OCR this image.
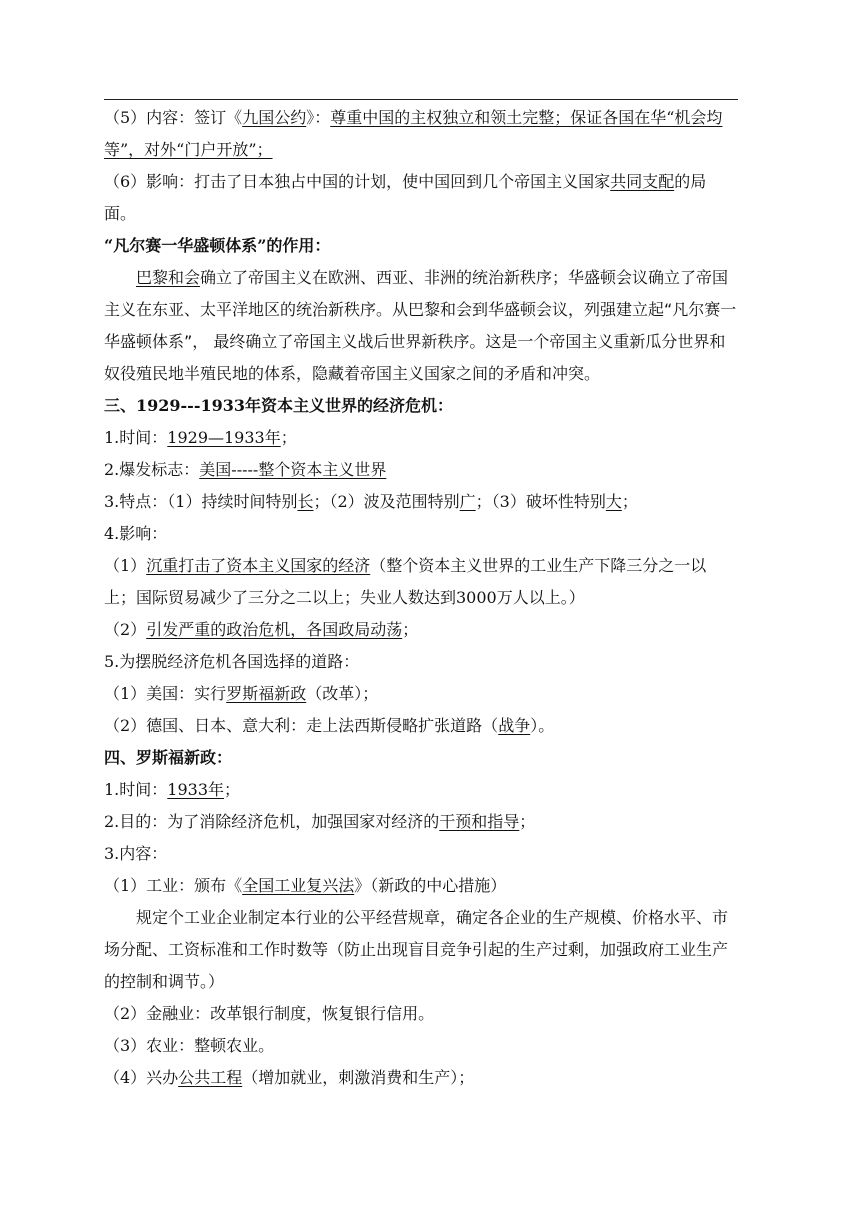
（5）内容：签订《九国公约》：尊重中国的主权独立和领土完整；保证各国在华“机会均等”，对外“门户开放”；

（6）影响：打击了日本独占中国的计划，使中国回到几个帝国主义国家共同支配的局面。

“凡尔赛一华盛顿体系”的作用：

巴黎和会确立了帝国主义在欧洲、西亚、非洲的统治新秩序；华盛顿会议确立了帝国主义在东亚、太平洋地区的统治新秩序。从巴黎和会到华盛顿会议，列强建立起“凡尔赛一华盛顿体系”， 最终确立了帝国主义战后世界新秩序。这是一个帝国主义重新瓜分世界和奴役殖民地半殖民地的体系，隐藏着帝国主义国家之间的矛盾和冲突。

三、1929---1933年资本主义世界的经济危机：

1.时间：1929—1933年；

2.爆发标志：美国-----整个资本主义世界

3.特点：（1）持续时间特别长；（2）波及范围特别广；（3）破坏性特别大；

4.影响：

（1）沉重打击了资本主义国家的经济（整个资本主义世界的工业生产下降三分之一以上；国际贸易减少了三分之二以上；失业人数达到3000万人以上。）

（2）引发严重的政治危机，各国政局动荡；

5.为摆脱经济危机各国选择的道路：

（1）美国：实行罗斯福新政（改革）；

（2）德国、日本、意大利：走上法西斯侵略扩张道路（战争）。

四、罗斯福新政：

1.时间：1933年；

2.目的：为了消除经济危机，加强国家对经济的干预和指导；

3.内容：

（1）工业：颁布《全国工业复兴法》（新政的中心措施）

规定个工业企业制定本行业的公平经营规章，确定各企业的生产规模、价格水平、市场分配、工资标准和工作时数等（防止出现盲目竞争引起的生产过剩，加强政府工业生产的控制和调节。）

（2）金融业：改革银行制度，恢复银行信用。

（3）农业：整顿农业。

（4）兴办公共工程（增加就业，刺激消费和生产）；
